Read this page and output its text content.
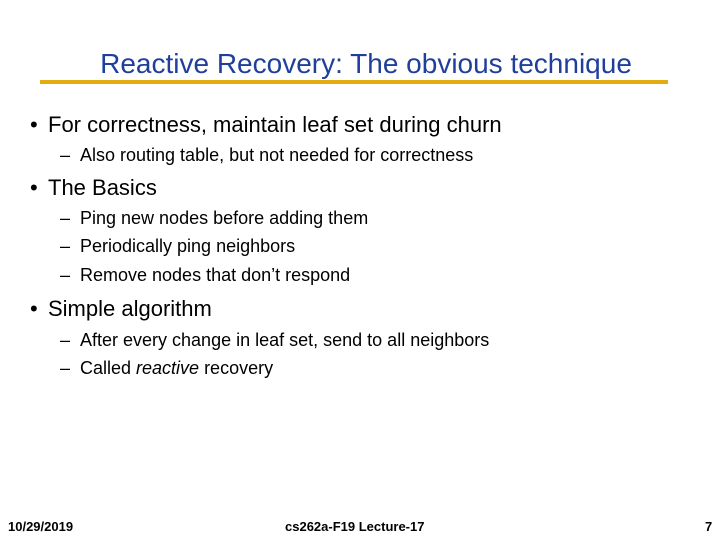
Reactive Recovery: The obvious technique
• For correctness, maintain leaf set during churn
– Also routing table, but not needed for correctness
• The Basics
– Ping new nodes before adding them
– Periodically ping neighbors
– Remove nodes that don’t respond
• Simple algorithm
– After every change in leaf set, send to all neighbors
– Called reactive recovery
10/29/2019	cs262a-F19 Lecture-17	7
